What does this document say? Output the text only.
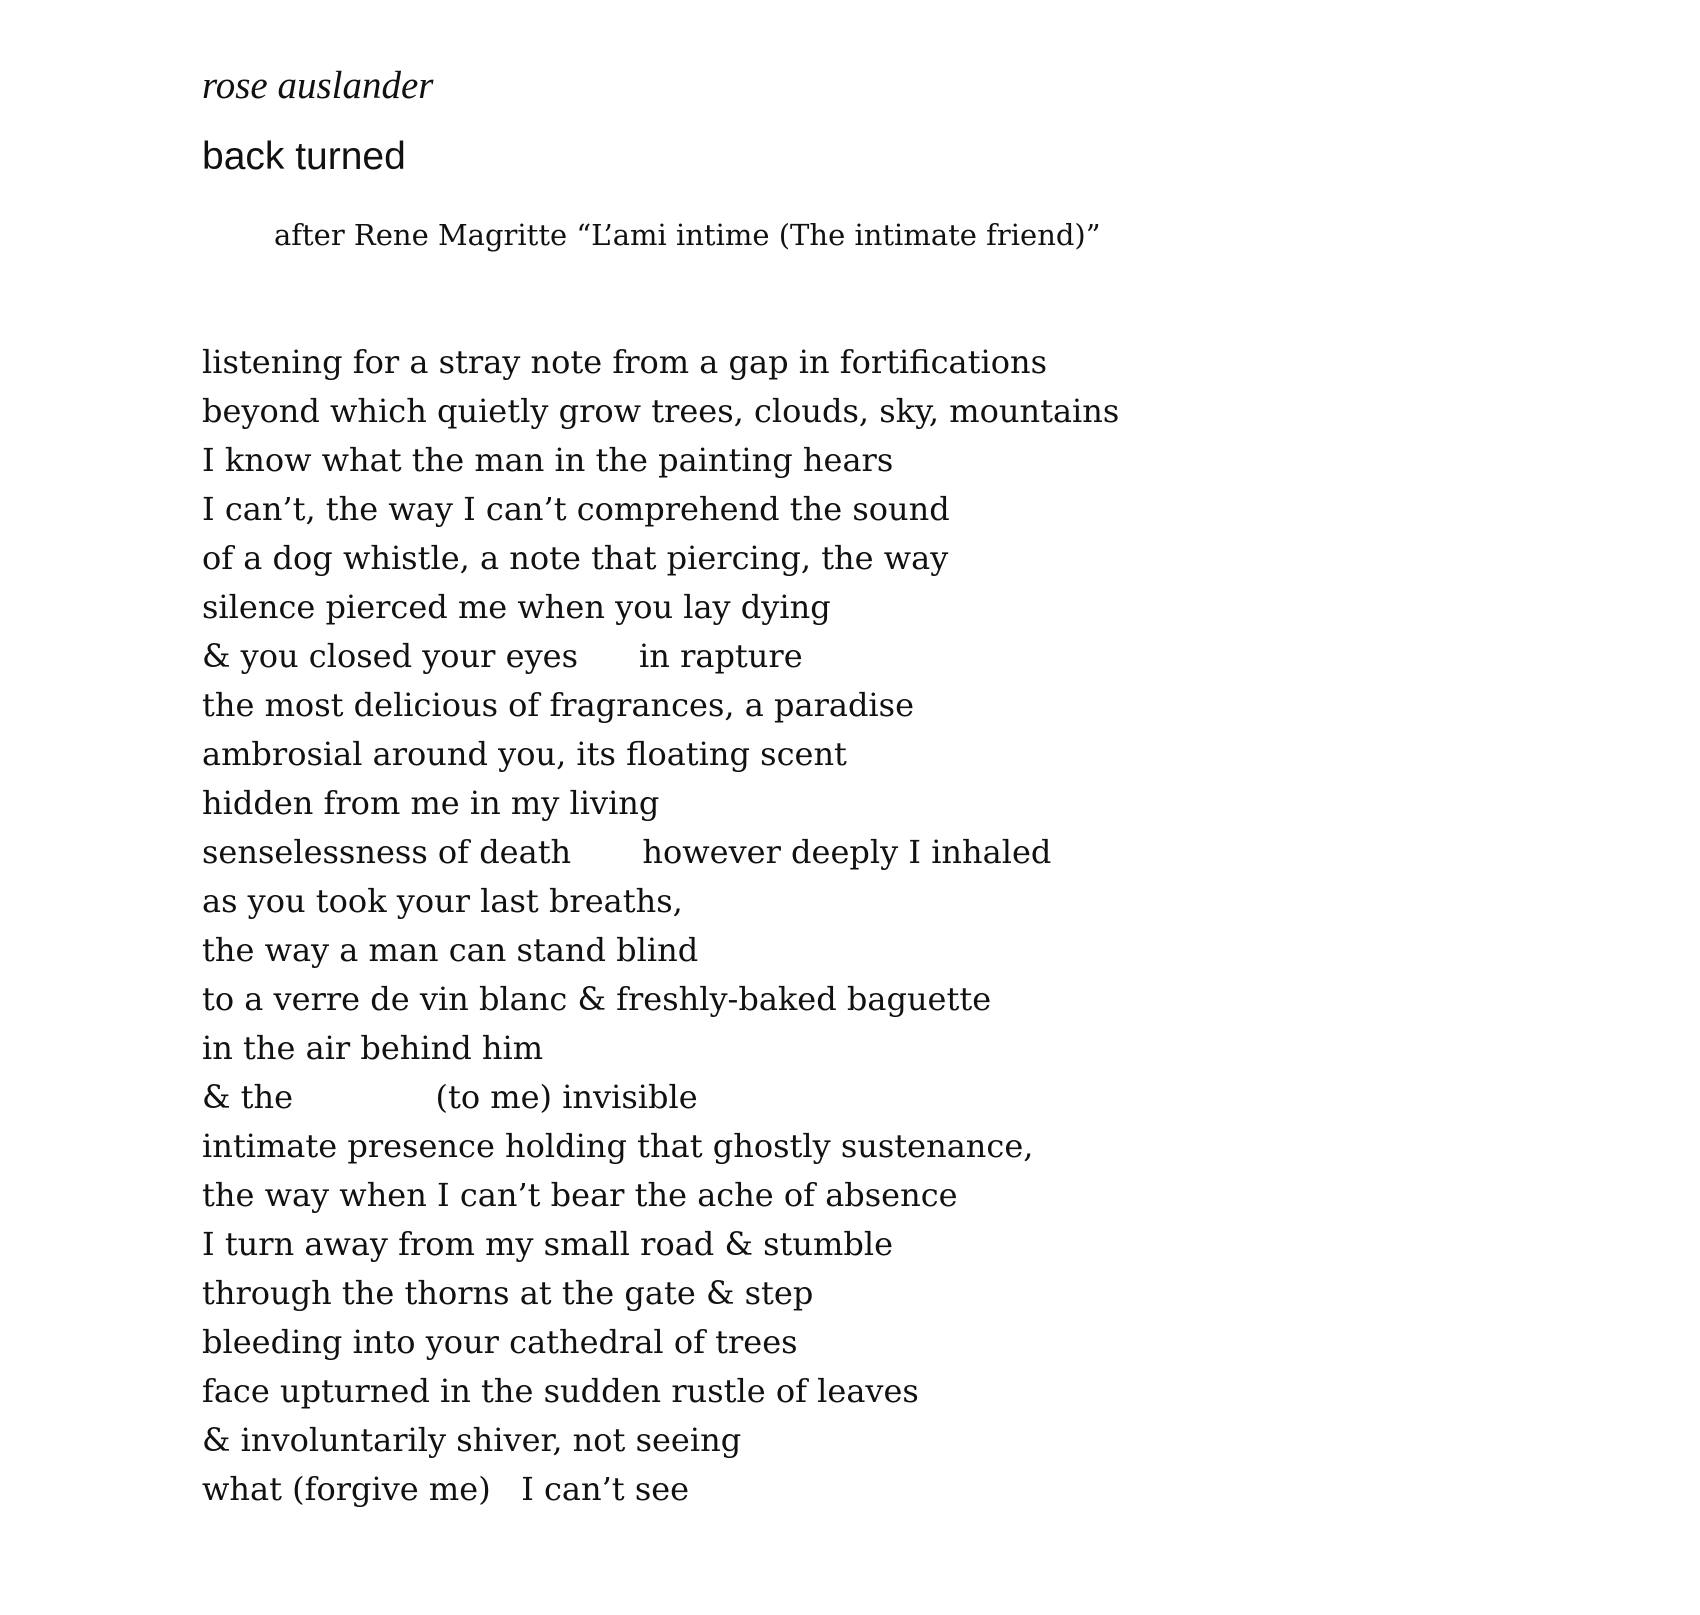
rose auslander
back turned
after Rene Magritte “L’ami intime (The intimate friend)”
listening for a stray note from a gap in fortifications
beyond which quietly grow trees, clouds, sky, mountains
I know what the man in the painting hears
I can’t, the way I can’t comprehend the sound
of a dog whistle, a note that piercing, the way
silence pierced me when you lay dying
& you closed your eyes      in rapture
the most delicious of fragrances, a paradise
ambrosial around you, its floating scent
hidden from me in my living
senselessness of death       however deeply I inhaled
as you took your last breaths,
the way a man can stand blind
to a verre de vin blanc & freshly-baked baguette
in the air behind him
& the              (to me) invisible
intimate presence holding that ghostly sustenance,
the way when I can’t bear the ache of absence
I turn away from my small road & stumble
through the thorns at the gate & step
bleeding into your cathedral of trees
face upturned in the sudden rustle of leaves
& involuntarily shiver, not seeing
what (forgive me)   I can’t see
